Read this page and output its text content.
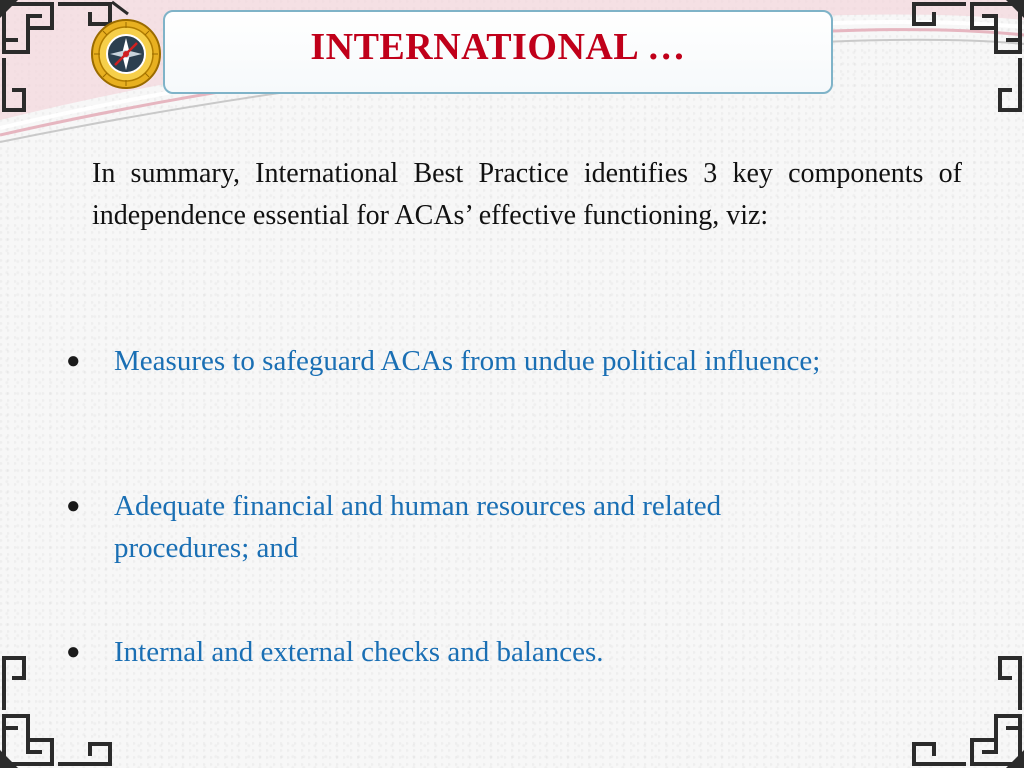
INTERNATIONAL …
In summary, International Best Practice identifies 3 key components of independence essential for ACAs’ effective functioning, viz:
●	Measures to safeguard ACAs from undue political influence;
●	Adequate financial and human resources and related procedures; and
●	Internal and external checks and balances.
